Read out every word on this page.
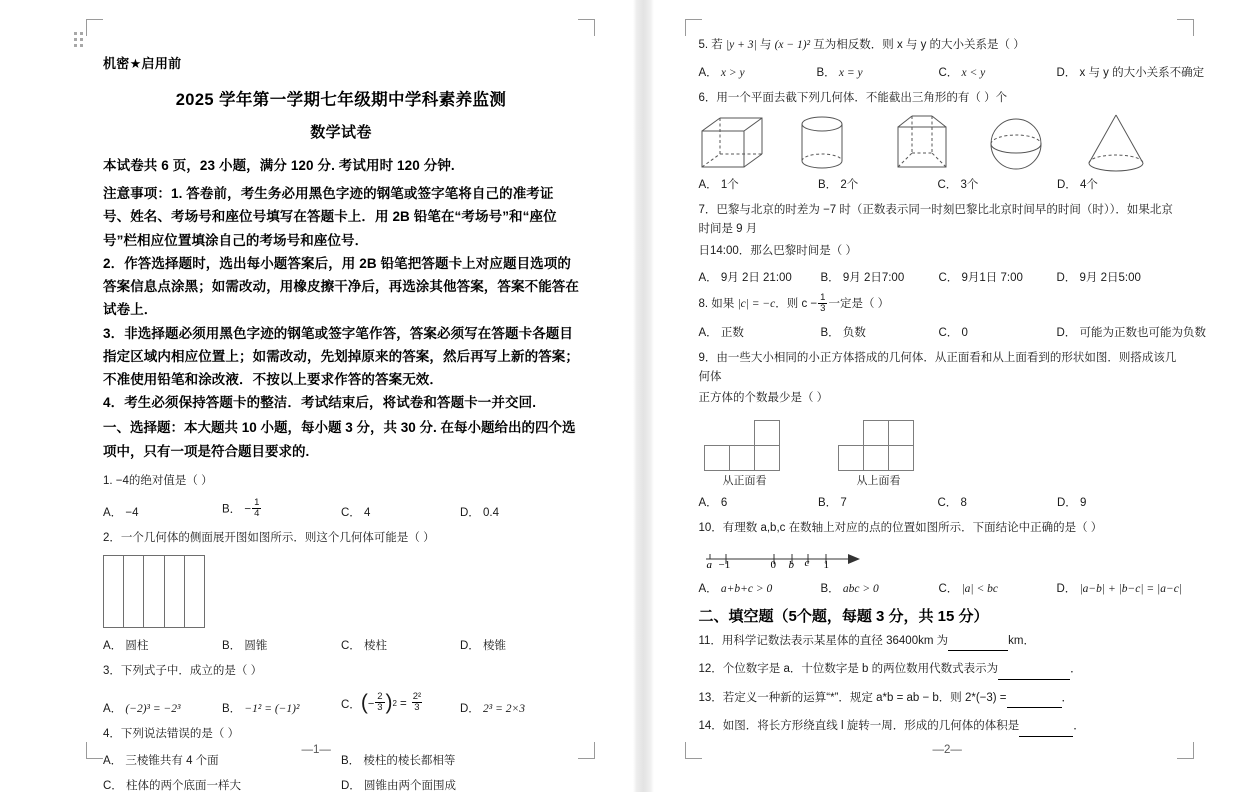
机密★启用前
2025 学年第一学期七年级期中学科素养监测
数学试卷
本试卷共 6 页，23 小题，满分 120 分. 考试用时 120 分钟.

注意事项：1. 答卷前，考生务必用黑色字迹的钢笔或签字笔将自己的准考证号、姓名、考场号和座位号填写在答题卡上．用 2B 铅笔在“考场号”和“座位号”栏相应位置填涂自己的考场号和座位号．

2．作答选择题时，选出每小题答案后，用 2B 铅笔把答题卡上对应题目选项的答案信息点涂黑；如需改动，用橡皮擦干净后，再选涂其他答案，答案不能答在试卷上．

3．非选择题必须用黑色字迹的钢笔或签字笔作答，答案必须写在答题卡各题目指定区域内相应位置上；如需改动，先划掉原来的答案，然后再写上新的答案；不准使用铅笔和涂改液．不按以上要求作答的答案无效．

4．考生必须保持答题卡的整洁．考试结束后，将试卷和答题卡一并交回.

一、选择题：本大题共 10 小题，每小题 3 分，共 30 分. 在每小题给出的四个选项中，只有一项是符合题目要求的.
1. −4的绝对值是（ ）
A． −4	B． − $\frac{1}{4}$	C． 4	D． 0.4
2．一个几何体的侧面展开图如图所示．则这个几何体可能是（ ）
A． 圆柱	B． 圆锥	C． 棱柱	D． 棱锥
3．下列式子中．成立的是（ ）
A． (−2)³ = −2³	B． −1² = (−1)²	C． ( − $\frac{2}{3}$ ) $2 = \frac{\text{2²}}{3}$	D． 2³ = 2×3
4．下列说法错误的是（ ）
A． 三棱锥共有 4 个面	B． 棱柱的棱长都相等
C． 柱体的两个底面一样大	D． 圆锥由两个面围成
—1—
5. 若 |y + 3| 与 (x − 1)² 互为相反数．则 x 与 y 的大小关系是（ ）
A． x > y	B． x = y	C． x < y	D． x 与 y 的大小关系不确定
6．用一个平面去截下列几何体．不能截出三角形的有（ ）个
A． 1个	B． 2个	C． 3个	D． 4个
7．巴黎与北京的时差为 −7 时（正数表示同一时刻巴黎比北京时间早的时间（时））．如果北京时间是 9 月
日14:00．那么巴黎时间是（ ）
A． 9月 2日 21:00	B． 9月 2日7:00	C． 9月1日 7:00	D． 9月 2日5:00
8. 如果
|c| = −c ．则 $c - \frac{1}{3}$ 一定是（ ）
A． 正数	B． 负数	C． 0	D． 可能为正数也可能为负数
9．由一些大小相同的小正方体搭成的几何体．从正面看和从上面看到的形状如图．则搭成该几何体
正方体的个数最少是（ ）
从正面看	从上面看
A． 6	B． 7	C． 8	D． 9
10．有理数 a,b,c 在数轴上对应的点的位置如图所示．下面结论中正确的是（ ）
a −1	0 b c 1
A． a+b+c > 0	B． abc > 0	C． |a| < bc	D． |a−b| + |b−c| = |a−c|
二、填空题（5个题，每题 3 分，共 15 分）
11．用科学记数法表示某星体的直径 36400km 为	km．
12．个位数字是 a．十位数字是 b 的两位数用代数式表示为	．
13．若定义一种新的运算“*”．规定 a*b = ab − b．则 2*(−3) =	．
14．如图．将长方形绕直线 l 旋转一周．形成的几何体的体积是	．
—2—
